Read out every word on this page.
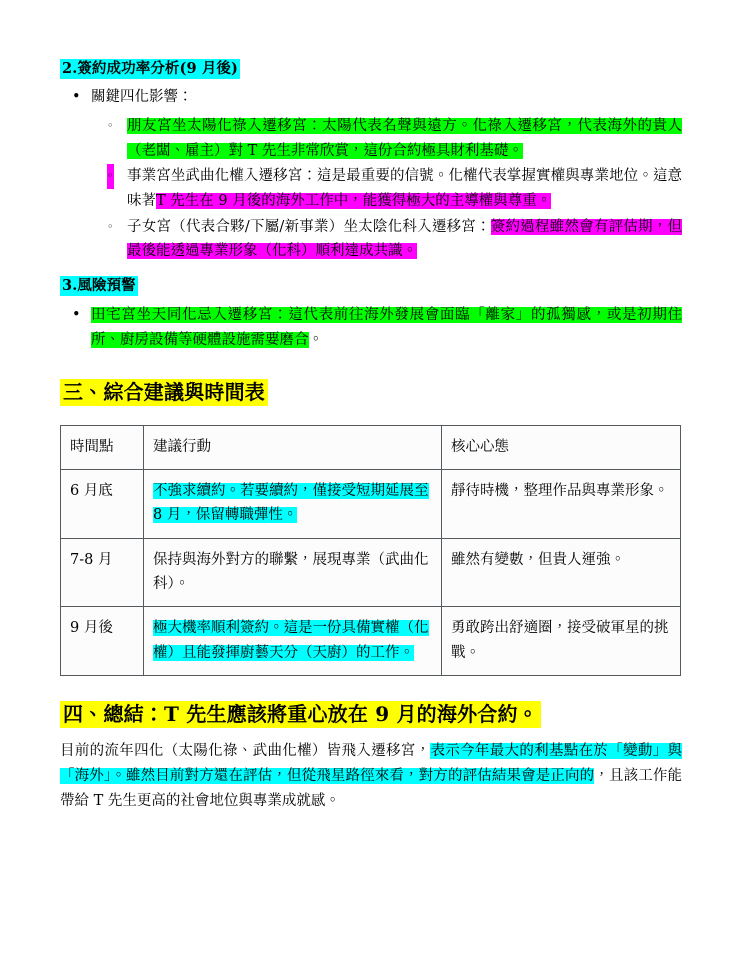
2.簽約成功率分析(9 月後)

• 關鍵四化影響：
◦ 朋友宮坐太陽化祿入遷移宮：太陽代表名聲與遠方。化祿入遷移宮，代表海外的貴人（老闆、雇主）對 T 先生非常欣賞，這份合約極具財利基礎。
◦ 事業宮坐武曲化權入遷移宮：這是最重要的信號。化權代表掌握實權與專業地位。這意味著T 先生在 9 月後的海外工作中，能獲得極大的主導權與尊重。
◦ 子女宮（代表合夥/下屬/新事業）坐太陰化科入遷移宮：簽約過程雖然會有評估期，但最後能透過專業形象（化科）順利達成共識。

3.風險預警

• 田宅宮坐天同化忌入遷移宮：這代表前往海外發展會面臨「離家」的孤獨感，或是初期住所、廚房設備等硬體設施需要磨合。

三、綜合建議與時間表

時間點	建議行動	核心心態

6 月底	不強求續約。若要續約，僅接受短期延展至 8 月，保留轉職彈性。	靜待時機，整理作品與專業形象。

7-8 月	保持與海外對方的聯繫，展現專業（武曲化科）。	雖然有變數，但貴人運強。

9 月後	極大機率順利簽約。這是一份具備實權（化權）且能發揮廚藝天分（天廚）的工作。	勇敢跨出舒適圈，接受破軍星的挑戰。

四、總結：T 先生應該將重心放在 9 月的海外合約。

目前的流年四化（太陽化祿、武曲化權）皆飛入遷移宮，表示今年最大的利基點在於「變動」與「海外」。雖然目前對方還在評估，但從飛星路徑來看，對方的評估結果會是正向的，且該工作能帶給 T 先生更高的社會地位與專業成就感。
